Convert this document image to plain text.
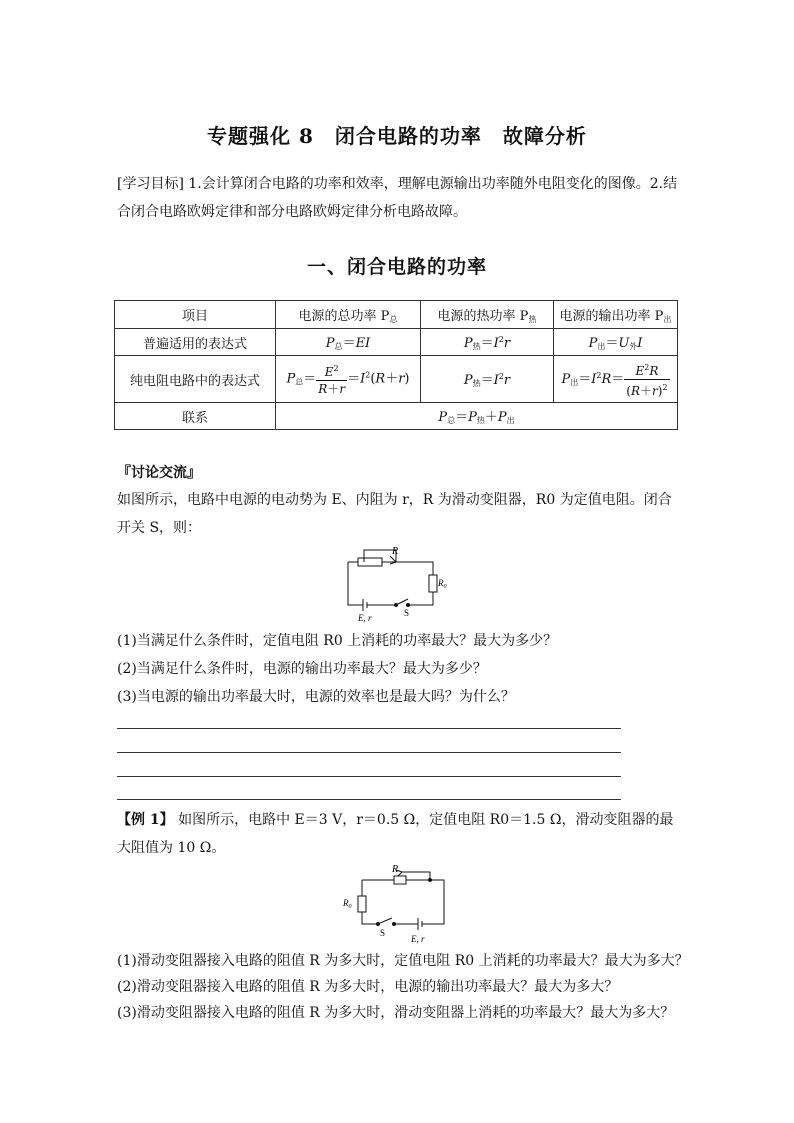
专题强化 8　闭合电路的功率　故障分析
[学习目标] 1.会计算闭合电路的功率和效率，理解电源输出功率随外电阻变化的图像。2.结合闭合电路欧姆定律和部分电路欧姆定律分析电路故障。
一、闭合电路的功率
项目	电源的总功率 P总	电源的热功率 P热	电源的输出功率 P出
普遍适用的表达式	P总＝EI	P热$=I^2r$	P出＝U外I
纯电阻电路中的表达式	P总＝ $\frac{E^2}{R+r} =I^2(R+r)$	P热$=I^2r$	P出$=I^2R= \frac{E^2R}{(R+r)^2}$

联系	P总＝P热＋P出		
『讨论交流』
如图所示，电路中电源的电动势为 E、内阻为 r，R 为滑动变阻器，R0 为定值电阻。闭合开关 S，则：
R
$R_0$
E, r	S
(1)当满足什么条件时，定值电阻 R0 上消耗的功率最大？最大为多少？
(2)当满足什么条件时，电源的输出功率最大？最大为多少？
(3)当电源的输出功率最大时，电源的效率也是最大吗？为什么？
【例 1】 如图所示，电路中 E＝3 V，r＝0.5 Ω，定值电阻 R0＝1.5 Ω，滑动变阻器的最大阻值为 10 Ω。
R
$R_0$
E, r
S
(1)滑动变阻器接入电路的阻值 R 为多大时，定值电阻 R0 上消耗的功率最大？最大为多大？
(2)滑动变阻器接入电路的阻值 R 为多大时，电源的输出功率最大？最大为多大？
(3)滑动变阻器接入电路的阻值 R 为多大时，滑动变阻器上消耗的功率最大？最大为多大？
